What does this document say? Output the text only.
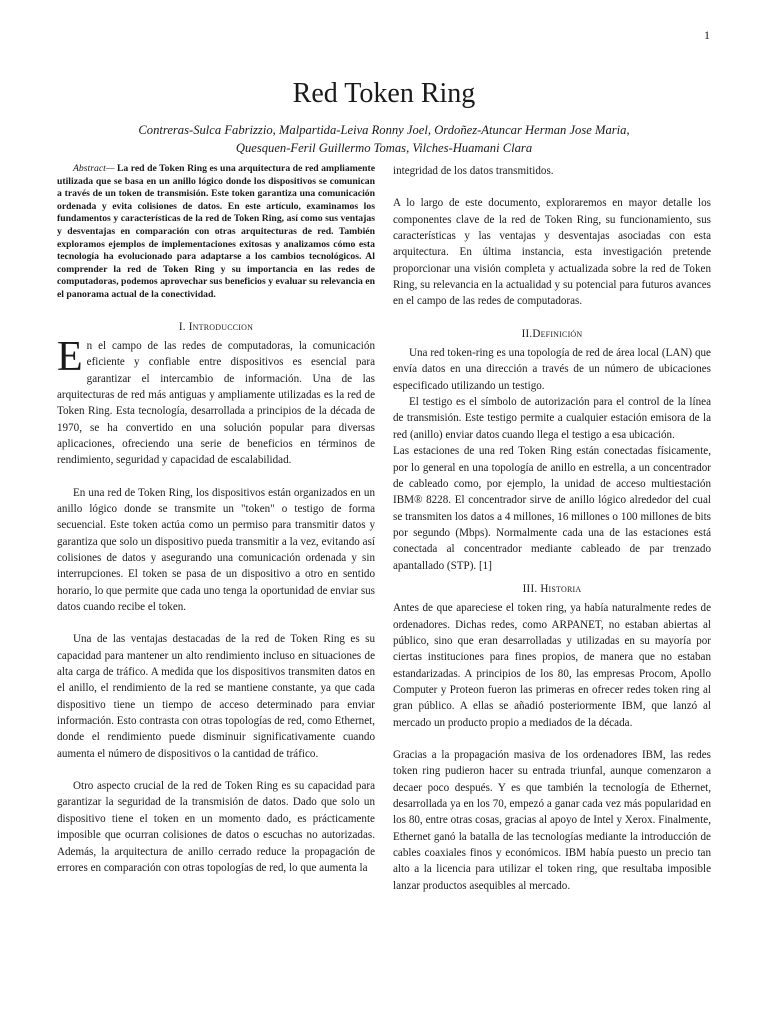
1
Red Token Ring
Contreras-Sulca Fabrizzio, Malpartida-Leiva Ronny Joel, Ordoñez-Atuncar Herman Jose Maria,
Quesquen-Feril Guillermo Tomas, Vilches-Huamani Clara

Abstract— La red de Token Ring es una arquitectura de red ampliamente utilizada que se basa en un anillo lógico donde los dispositivos se comunican a través de un token de transmisión. Este token garantiza una comunicación ordenada y evita colisiones de datos. En este artículo, examinamos los fundamentos y características de la red de Token Ring, así como sus ventajas y desventajas en comparación con otras arquitecturas de red. También exploramos ejemplos de implementaciones exitosas y analizamos cómo esta tecnología ha evolucionado para adaptarse a los cambios tecnológicos. Al comprender la red de Token Ring y su importancia en las redes de computadoras, podemos aprovechar sus beneficios y evaluar su relevancia en el panorama actual de la conectividad.

I. Introduccion

En el campo de las redes de computadoras, la comunicación eficiente y confiable entre dispositivos es esencial para garantizar el intercambio de información. Una de las arquitecturas de red más antiguas y ampliamente utilizadas es la red de Token Ring. Esta tecnología, desarrollada a principios de la década de 1970, se ha convertido en una solución popular para diversas aplicaciones, ofreciendo una serie de beneficios en términos de rendimiento, seguridad y capacidad de escalabilidad.

En una red de Token Ring, los dispositivos están organizados en un anillo lógico donde se transmite un "token" o testigo de forma secuencial. Este token actúa como un permiso para transmitir datos y garantiza que solo un dispositivo pueda transmitir a la vez, evitando así colisiones de datos y asegurando una comunicación ordenada y sin interrupciones. El token se pasa de un dispositivo a otro en sentido horario, lo que permite que cada uno tenga la oportunidad de enviar sus datos cuando recibe el token.

Una de las ventajas destacadas de la red de Token Ring es su capacidad para mantener un alto rendimiento incluso en situaciones de alta carga de tráfico. A medida que los dispositivos transmiten datos en el anillo, el rendimiento de la red se mantiene constante, ya que cada dispositivo tiene un tiempo de acceso determinado para enviar información. Esto contrasta con otras topologías de red, como Ethernet, donde el rendimiento puede disminuir significativamente cuando aumenta el número de dispositivos o la cantidad de tráfico.

Otro aspecto crucial de la red de Token Ring es su capacidad para garantizar la seguridad de la transmisión de datos. Dado que solo un dispositivo tiene el token en un momento dado, es prácticamente imposible que ocurran colisiones de datos o escuchas no autorizadas. Además, la arquitectura de anillo cerrado reduce la propagación de errores en comparación con otras topologías de red, lo que aumenta la

integridad de los datos transmitidos.

A lo largo de este documento, exploraremos en mayor detalle los componentes clave de la red de Token Ring, su funcionamiento, sus características y las ventajas y desventajas asociadas con esta arquitectura. En última instancia, esta investigación pretende proporcionar una visión completa y actualizada sobre la red de Token Ring, su relevancia en la actualidad y su potencial para futuros avances en el campo de las redes de computadoras.

II.Definición

Una red token-ring es una topología de red de área local (LAN) que envía datos en una dirección a través de un número de ubicaciones especificado utilizando un testigo.

El testigo es el símbolo de autorización para el control de la línea de transmisión. Este testigo permite a cualquier estación emisora de la red (anillo) enviar datos cuando llega el testigo a esa ubicación.

Las estaciones de una red Token Ring están conectadas físicamente, por lo general en una topología de anillo en estrella, a un concentrador de cableado como, por ejemplo, la unidad de acceso multiestación IBM® 8228. El concentrador sirve de anillo lógico alrededor del cual se transmiten los datos a 4 millones, 16 millones o 100 millones de bits por segundo (Mbps). Normalmente cada una de las estaciones está conectada al concentrador mediante cableado de par trenzado apantallado (STP). [1]

III. Historia

Antes de que apareciese el token ring, ya había naturalmente redes de ordenadores. Dichas redes, como ARPANET, no estaban abiertas al público, sino que eran desarrolladas y utilizadas en su mayoría por ciertas instituciones para fines propios, de manera que no estaban estandarizadas. A principios de los 80, las empresas Procom, Apollo Computer y Proteon fueron las primeras en ofrecer redes token ring al gran público. A ellas se añadió posteriormente IBM, que lanzó al mercado un producto propio a mediados de la década.

Gracias a la propagación masiva de los ordenadores IBM, las redes token ring pudieron hacer su entrada triunfal, aunque comenzaron a decaer poco después. Y es que también la tecnología de Ethernet, desarrollada ya en los 70, empezó a ganar cada vez más popularidad en los 80, entre otras cosas, gracias al apoyo de Intel y Xerox. Finalmente, Ethernet ganó la batalla de las tecnologías mediante la introducción de cables coaxiales finos y económicos. IBM había puesto un precio tan alto a la licencia para utilizar el token ring, que resultaba imposible lanzar productos asequibles al mercado.
